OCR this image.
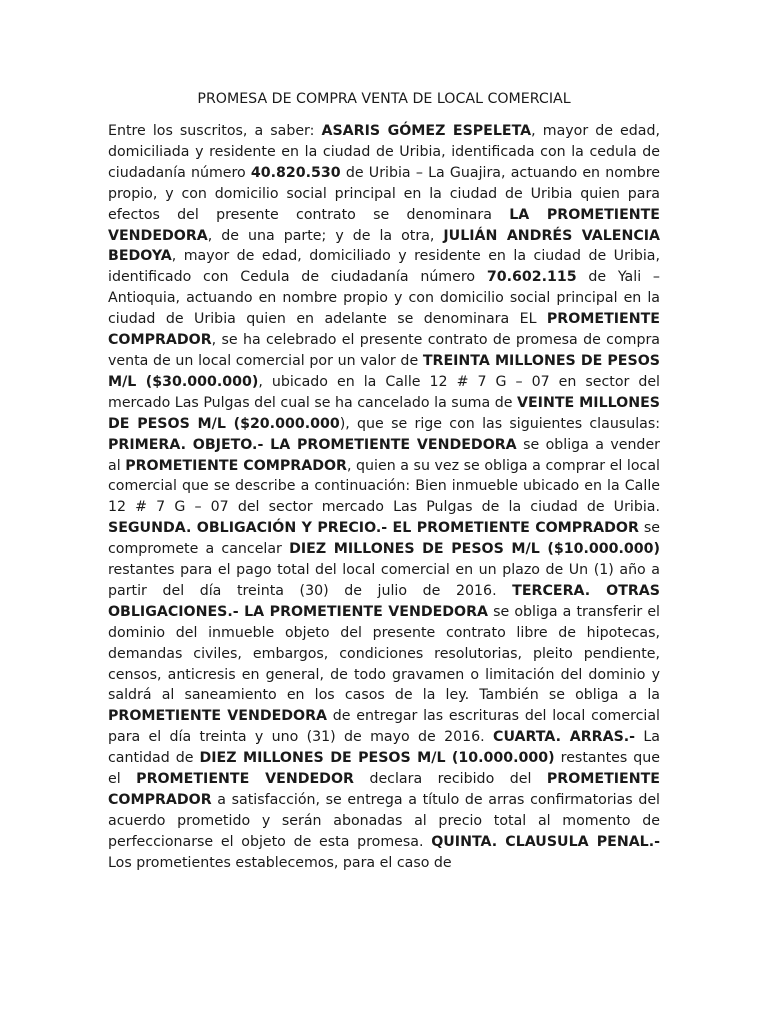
PROMESA DE COMPRA VENTA DE LOCAL COMERCIAL

Entre los suscritos, a saber: ASARIS GÓMEZ ESPELETA, mayor de edad, domiciliada y residente en la ciudad de Uribia, identificada con la cedula de ciudadanía número 40.820.530 de Uribia – La Guajira, actuando en nombre propio, y con domicilio social principal en la ciudad de Uribia quien para efectos del presente contrato se denominara LA PROMETIENTE VENDEDORA, de una parte; y de la otra, JULIÁN ANDRÉS VALENCIA BEDOYA, mayor de edad, domiciliado y residente en la ciudad de Uribia, identificado con Cedula de ciudadanía número 70.602.115 de Yali – Antioquia, actuando en nombre propio y con domicilio social principal en la ciudad de Uribia quien en adelante se denominara EL PROMETIENTE COMPRADOR, se ha celebrado el presente contrato de promesa de compra venta de un local comercial por un valor de TREINTA MILLONES DE PESOS M/L ($30.000.000), ubicado en la Calle 12 # 7 G – 07 en sector del mercado Las Pulgas del cual se ha cancelado la suma de VEINTE MILLONES DE PESOS M/L ($20.000.000), que se rige con las siguientes clausulas: PRIMERA. OBJETO.- LA PROMETIENTE VENDEDORA se obliga a vender al PROMETIENTE COMPRADOR, quien a su vez se obliga a comprar el local comercial que se describe a continuación: Bien inmueble ubicado en la Calle 12 # 7 G – 07 del sector mercado Las Pulgas de la ciudad de Uribia. SEGUNDA. OBLIGACIÓN Y PRECIO.- EL PROMETIENTE COMPRADOR se compromete a cancelar DIEZ MILLONES DE PESOS M/L ($10.000.000) restantes para el pago total del local comercial en un plazo de Un (1) año a partir del día treinta (30) de julio de 2016. TERCERA. OTRAS OBLIGACIONES.- LA PROMETIENTE VENDEDORA se obliga a transferir el dominio del inmueble objeto del presente contrato libre de hipotecas, demandas civiles, embargos, condiciones resolutorias, pleito pendiente, censos, anticresis en general, de todo gravamen o limitación del dominio y saldrá al saneamiento en los casos de la ley. También se obliga a la PROMETIENTE VENDEDORA de entregar las escrituras del local comercial para el día treinta y uno (31) de mayo de 2016. CUARTA. ARRAS.- La cantidad de DIEZ MILLONES DE PESOS M/L (10.000.000) restantes que el PROMETIENTE VENDEDOR declara recibido del PROMETIENTE COMPRADOR a satisfacción, se entrega a título de arras confirmatorias del acuerdo prometido y serán abonadas al precio total al momento de perfeccionarse el objeto de esta promesa. QUINTA. CLAUSULA PENAL.- Los prometientes establecemos, para el caso de
